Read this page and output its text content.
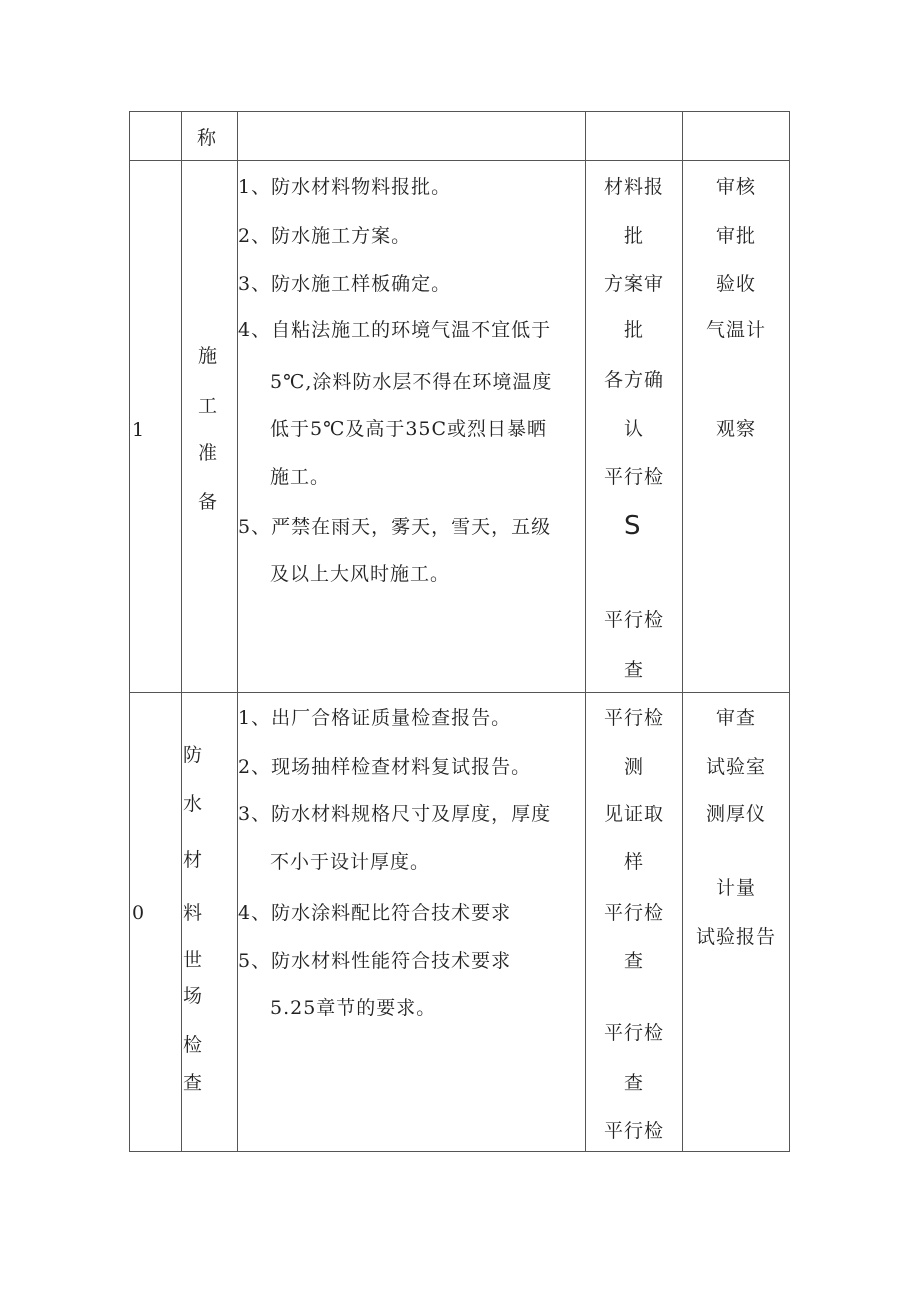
称
1
施
工
准
备
1、防水材料物料报批。
2、防水施工方案。
3、防水施工样板确定。
4、自粘法施工的环境气温不宜低于
5℃,涂料防水层不得在环境温度
低于5℃及高于35C或烈日暴晒
施工。
5、严禁在雨天，雾天，雪天，五级
及以上大风时施工。
材料报
批
方案审
批
各方确
认
平行检
S
平行检
查
审核
审批
验收
气温计
观察
0
防
水
材
料
世
场
检
查
1、出厂合格证质量检查报告。
2、现场抽样检查材料复试报告。
3、防水材料规格尺寸及厚度，厚度
不小于设计厚度。
4、防水涂料配比符合技术要求
5、防水材料性能符合技术要求
5.25章节的要求。
平行检
测
见证取
样
平行检
查
平行检
查
平行检
审查
试验室
测厚仪
计量
试验报告
